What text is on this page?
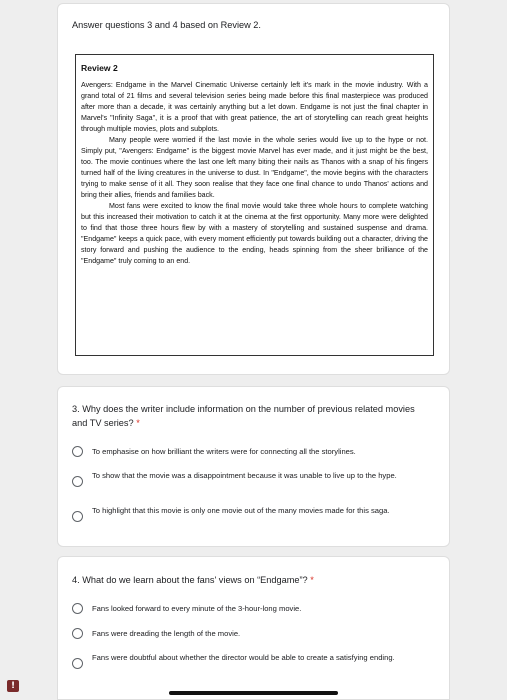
Answer questions 3 and 4 based on Review 2.

Review 2

Avengers: Endgame in the Marvel Cinematic Universe certainly left it's mark in the movie industry. With a grand total of 21 films and several television series being made before this final masterpiece was produced after more than a decade, it was certainly anything but a let down. Endgame is not just the final chapter in Marvel's "Infinity Saga", it is a proof that with great patience, the art of storytelling can reach great heights through multiple movies, plots and subplots.

Many people were worried if the last movie in the whole series would live up to the hype or not. Simply put, "Avengers: Endgame" is the biggest movie Marvel has ever made, and it just might be the best, too. The movie continues where the last one left many biting their nails as Thanos with a snap of his fingers turned half of the living creatures in the universe to dust. In "Endgame", the movie begins with the characters trying to make sense of it all. They soon realise that they face one final chance to undo Thanos' actions and bring their allies, friends and families back.

Most fans were excited to know the final movie would take three whole hours to complete watching but this increased their motivation to catch it at the cinema at the first opportunity. Many more were delighted to find that those three hours flew by with a mastery of storytelling and sustained suspense and drama. "Endgame" keeps a quick pace, with every moment efficiently put towards building out a character, driving the story forward and pushing the audience to the ending, heads spinning from the sheer brilliance of the "Endgame" truly coming to an end.

3. Why does the writer include information on the number of previous related movies and TV series? *
To emphasise on how brilliant the writers were for connecting all the storylines.
To show that the movie was a disappointment because it was unable to live up to the hype.
To highlight that this movie is only one movie out of the many movies made for this saga.
4. What do we learn about the fans' views on “Endgame”? *
Fans looked forward to every minute of the 3-hour-long movie.
Fans were dreading the length of the movie.
Fans were doubtful about whether the director would be able to create a satisfying ending.
!
